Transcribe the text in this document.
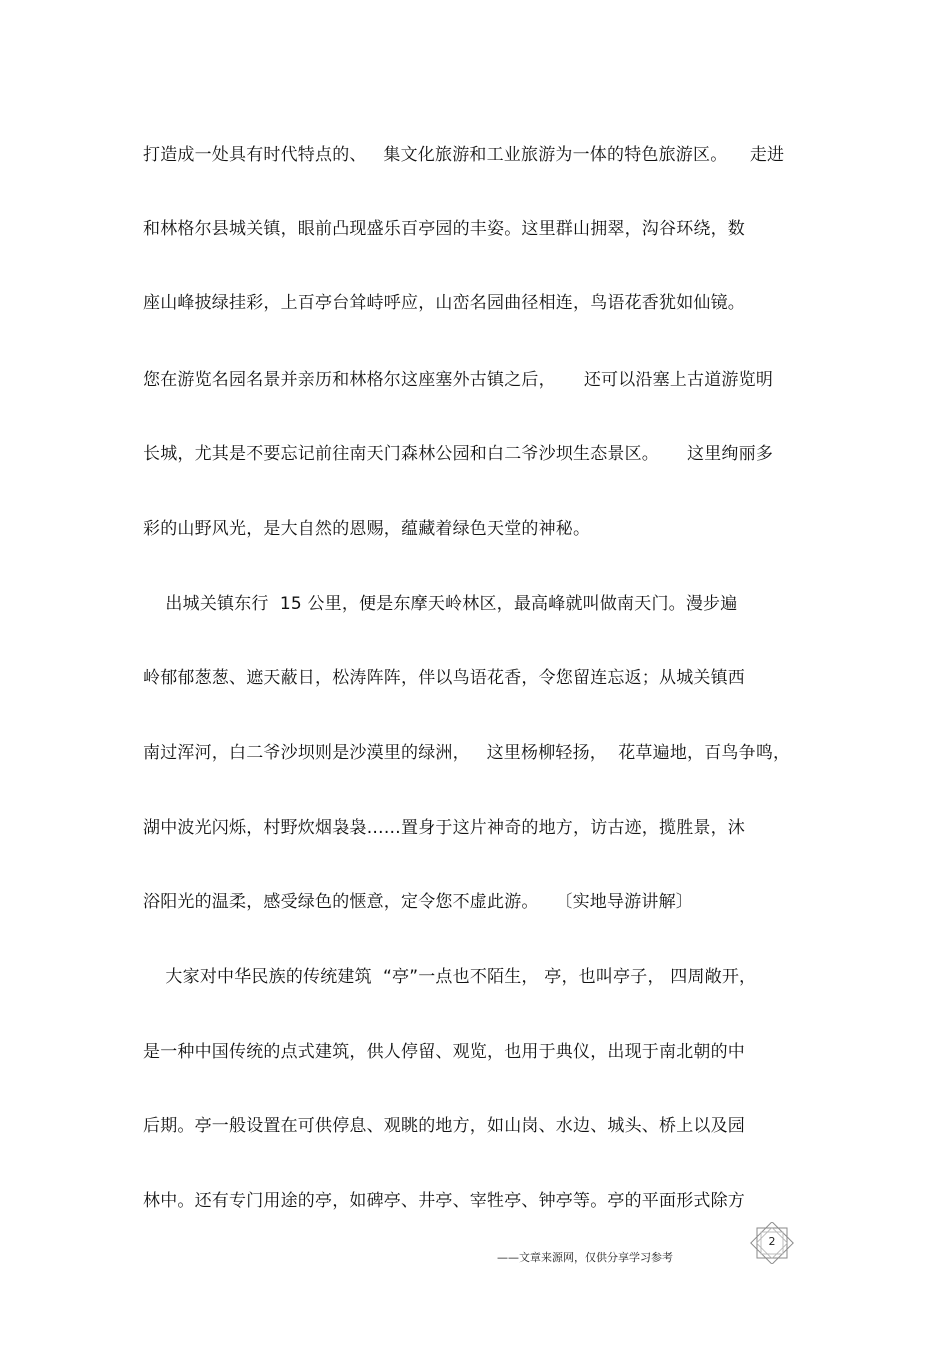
打造成一处具有时代特点的、   集文化旅游和工业旅游为一体的特色旅游区。    走进
和林格尔县城关镇，眼前凸现盛乐百亭园的丰姿。这里群山拥翠，沟谷环绕，数
座山峰披绿挂彩，上百亭台耸峙呼应，山峦名园曲径相连，鸟语花香犹如仙镜。
您在游览名园名景并亲历和林格尔这座塞外古镇之后，     还可以沿塞上古道游览明
长城，尤其是不要忘记前往南天门森林公园和白二爷沙坝生态景区。     这里绚丽多
彩的山野风光，是大自然的恩赐，蕴藏着绿色天堂的神秘。
出城关镇东行  15 公里，便是东摩天岭林区，最高峰就叫做南天门。漫步遍
岭郁郁葱葱、遮天蔽日，松涛阵阵，伴以鸟语花香，令您留连忘返；从城关镇西
南过浑河，白二爷沙坝则是沙漠里的绿洲，   这里杨柳轻扬，  花草遍地，百鸟争鸣，
湖中波光闪烁，村野炊烟袅袅……置身于这片神奇的地方，访古迹，揽胜景，沐
浴阳光的温柔，感受绿色的惬意，定令您不虚此游。   〔实地导游讲解〕
大家对中华民族的传统建筑  “亭”一点也不陌生， 亭，也叫亭子， 四周敞开，
是一种中国传统的点式建筑，供人停留、观览，也用于典仪，出现于南北朝的中
后期。亭一般设置在可供停息、观眺的地方，如山岗、水边、城头、桥上以及园
林中。还有专门用途的亭，如碑亭、井亭、宰牲亭、钟亭等。亭的平面形式除方
——文章来源网，仅供分享学习参考
2
